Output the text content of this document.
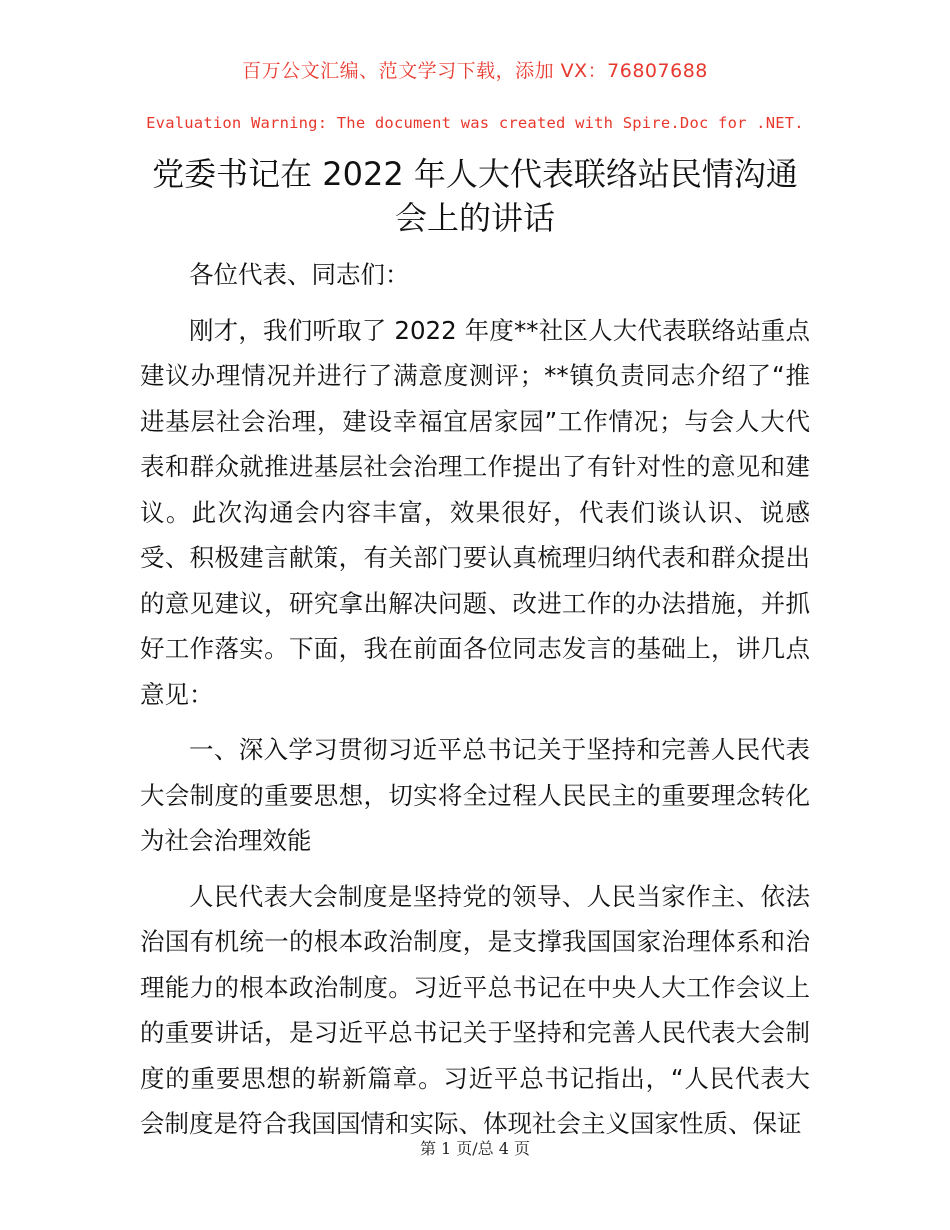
百万公文汇编、范文学习下载，添加 VX：76807688
Evaluation Warning: The document was created with Spire.Doc for .NET.
党委书记在 2022 年人大代表联络站民情沟通会上的讲话

各位代表、同志们：

刚才，我们听取了 2022 年度**社区人大代表联络站重点建议办理情况并进行了满意度测评；**镇负责同志介绍了“推进基层社会治理，建设幸福宜居家园”工作情况；与会人大代表和群众就推进基层社会治理工作提出了有针对性的意见和建议。此次沟通会内容丰富，效果很好，代表们谈认识、说感受、积极建言献策，有关部门要认真梳理归纳代表和群众提出的意见建议，研究拿出解决问题、改进工作的办法措施，并抓好工作落实。下面，我在前面各位同志发言的基础上，讲几点意见：

一、深入学习贯彻习近平总书记关于坚持和完善人民代表大会制度的重要思想，切实将全过程人民民主的重要理念转化为社会治理效能

人民代表大会制度是坚持党的领导、人民当家作主、依法治国有机统一的根本政治制度，是支撑我国国家治理体系和治理能力的根本政治制度。习近平总书记在中央人大工作会议上的重要讲话，是习近平总书记关于坚持和完善人民代表大会制度的重要思想的崭新篇章。习近平总书记指出，“人民代表大会制度是符合我国国情和实际、体现社会主义国家性质、保证

第 1 页/总 4 页
